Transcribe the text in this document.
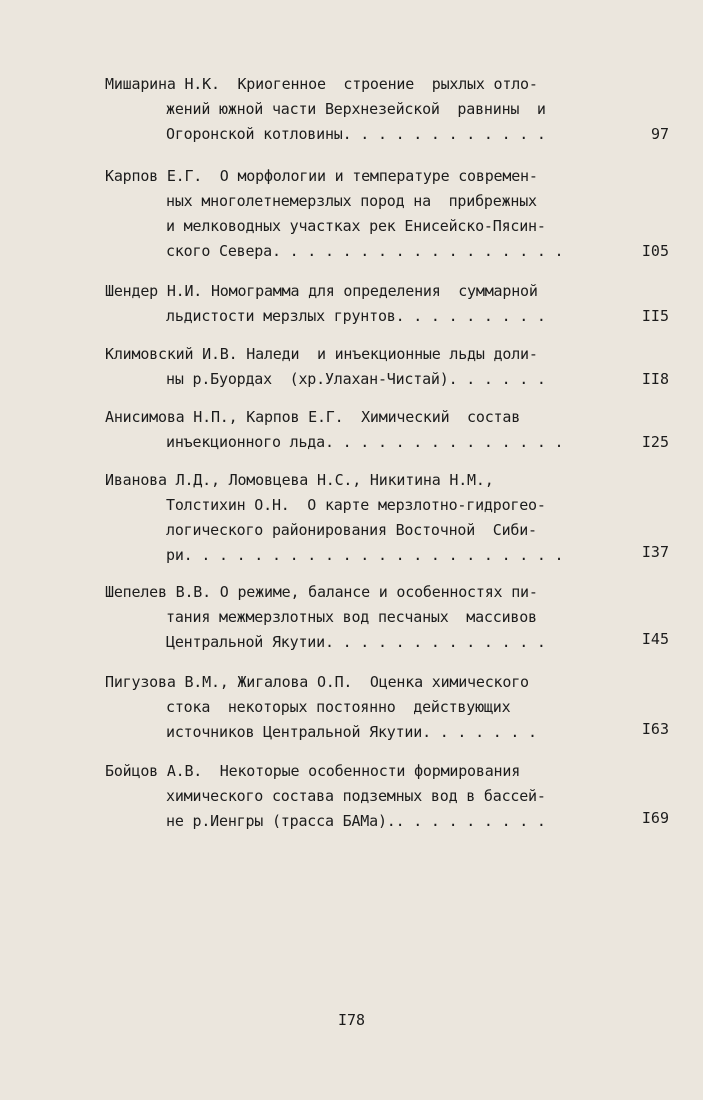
Мишарина Н.К.  Криогенное  строение  рыхлых отло-
жений южной части Верхнезейской  равнины  и
Огоронской котловины. . . . . . . . . . . .	97
Карпов Е.Г.  О морфологии и температуре современ-
ных многолетнемерзлых пород на  прибрежных
и мелководных участках рек Енисейско-Пясин-
ского Севера. . . . . . . . . . . . . . . . .	I05
Шендер Н.И. Номограмма для определения  суммарной
льдистости мерзлых грунтов. . . . . . . . .	II5
Климовский И.В. Наледи  и инъекционные льды доли-
ны р.Буордах  (хр.Улахан-Чистай). . . . . .	II8
Анисимова Н.П., Карпов Е.Г.  Химический  состав
инъекционного льда. . . . . . . . . . . . . .	I25
Иванова Л.Д., Ломовцева Н.С., Никитина Н.М.,
Толстихин О.Н.  О карте мерзлотно-гидрогео-
логического районирования Восточной  Сиби-
ри. . . . . . . . . . . . . . . . . . . . . .	I37
Шепелев В.В. О режиме, балансе и особенностях пи-
тания межмерзлотных вод песчаных  массивов
Центральной Якутии. . . . . . . . . . . . .	I45
Пигузова В.М., Жигалова О.П.  Оценка химического
стока  некоторых постоянно  действующих
источников Центральной Якутии. . . . . . .	I63
Бойцов А.В.  Некоторые особенности формирования
химического состава подземных вод в бассей-
не р.Иенгры (трасса БАМа).. . . . . . . . .	I69
I78
